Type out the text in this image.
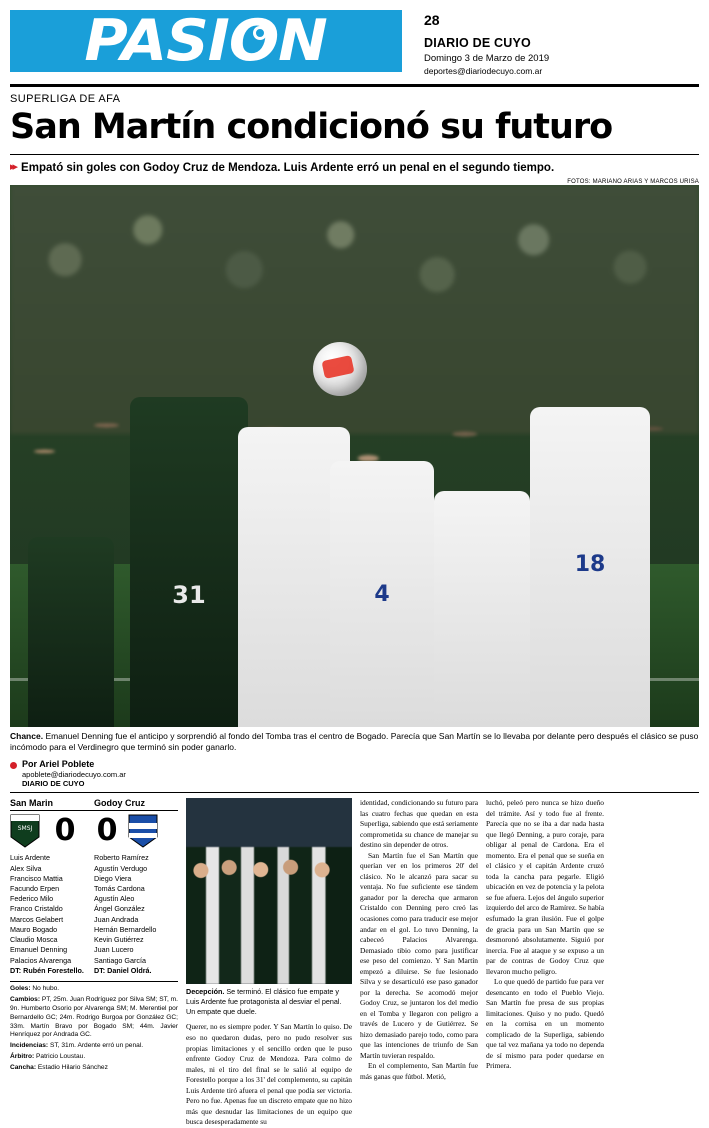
PASION	28
DIARIO DE CUYO
Domingo 3 de Marzo de 2019
deportes@diariodecuyo.com.ar
SUPERLIGA DE AFA
San Martín condicionó su futuro
▸▸ Empató sin goles con Godoy Cruz de Mendoza. Luis Ardente erró un penal en el segundo tiempo.
FOTOS: MARIANO ARIAS Y MARCOS URISA
31	4
18
Chance. Emanuel Denning fue el anticipo y sorprendió al fondo del Tomba tras el centro de Bogado. Parecía que San Martín se lo llevaba por delante pero después el clásico se puso incómodo para el Verdinegro que terminó sin poder ganarlo.
Por Ariel Poblete
apoblete@diariodecuyo.com.ar
DIARIO DE CUYO
San Marin	Godoy Cruz
SMSJ 0 0
Luis Ardente
Alex Silva
Francisco Mattia
Facundo Erpen
Federico Milo
Franco Cristaldo
Marcos Gelabert
Mauro Bogado
Claudio Mosca
Emanuel Denning
Palacios Alvarenga
DT: Rubén Forestello.
Roberto Ramírez
Agustín Verdugo
Diego Viera
Tomás Cardona
Agustín Aleo
Ángel González
Juan Andrada
Hernán Bernardello
Kevin Gutiérrez
Juan Lucero
Santiago García
DT: Daniel Oldrá.

Goles: No hubo.

Cambios: PT, 25m. Juan Rodríguez por Silva SM; ST, m. 9n. Humberto Osorio por Alvarenga SM; M. Merentiel por Bernardello GC; 24m. Rodrigo Burgoa por González GC; 33m. Martín Bravo por Bogado SM; 44m. Javier Henríquez por Andrada GC.

Incidencias: ST, 31m. Ardente erró un penal.

Árbitro: Patricio Loustau.

Cancha: Estadio Hilario Sánchez

Decepción. Se terminó. El clásico fue empate y Luis Ardente fue protagonista al desviar el penal. Un empate que duele.

Querer, no es siempre poder. Y San Martín lo quiso. De eso no quedaron dudas, pero no pudo resolver sus propias limitaciones y el sencillo orden que le puso enfrente Godoy Cruz de Mendoza. Para colmo de males, ni el tiro del final se le salió al equipo de Forestello porque a los 31' del complemento, su capitán Luis Ardente tiró afuera el penal que podía ser victoria. Pero no fue. Apenas fue un discreto empate que no hizo más que desnudar las limitaciones de un equipo que busca desesperadamente su

identidad, condicionando su futuro para las cuatro fechas que quedan en esta Superliga, sabiendo que está seriamente comprometida su chance de manejar su destino sin depender de otros.

San Martín fue el San Martín que querían ver en los primeros 20' del clásico. No le alcanzó para sacar su ventaja. No fue suficiente ese tándem ganador por la derecha que armaron Cristaldo con Denning pero creó las ocasiones como para traducir ese mejor andar en el gol. Lo tuvo Denning, la cabeceó Palacios Alvarenga. Demasiado tibio como para justificar ese peso del comienzo. Y San Martín empezó a diluirse. Se fue lesionado Silva y se desarticuló ese paso ganador por la derecha. Se acomodó mejor Godoy Cruz, se juntaron los del medio en el Tomba y llegaron con peligro a través de Lucero y de Gutiérrez. Se hizo demasiado parejo todo, como para que las intenciones de triunfo de San Martín tuvieran respaldo.

En el complemento, San Martín fue más ganas que fútbol. Metió,

luchó, peleó pero nunca se hizo dueño del trámite. Así y todo fue al frente. Parecía que no se iba a dar nada hasta que llegó Denning, a puro coraje, para obligar al penal de Cardona. Era el momento. Era el penal que se sueña en el clásico y el capitán Ardente cruzó toda la cancha para pegarle. Eligió ubicación en vez de potencia y la pelota se fue afuera. Lejos del ángulo superior izquierdo del arco de Ramírez. Se había esfumado la gran ilusión. Fue el golpe de gracia para un San Martín que se desmoronó absolutamente. Siguió por inercia. Fue al ataque y se expuso a un par de contras de Godoy Cruz que llevaron mucho peligro.

Lo que quedó de partido fue para ver desencanto en todo el Pueblo Viejo. San Martín fue presa de sus propias limitaciones. Quiso y no pudo. Quedó en la cornisa en un momento complicado de la Superliga, sabiendo que tal vez mañana ya todo no dependa de sí mismo para poder quedarse en Primera.
